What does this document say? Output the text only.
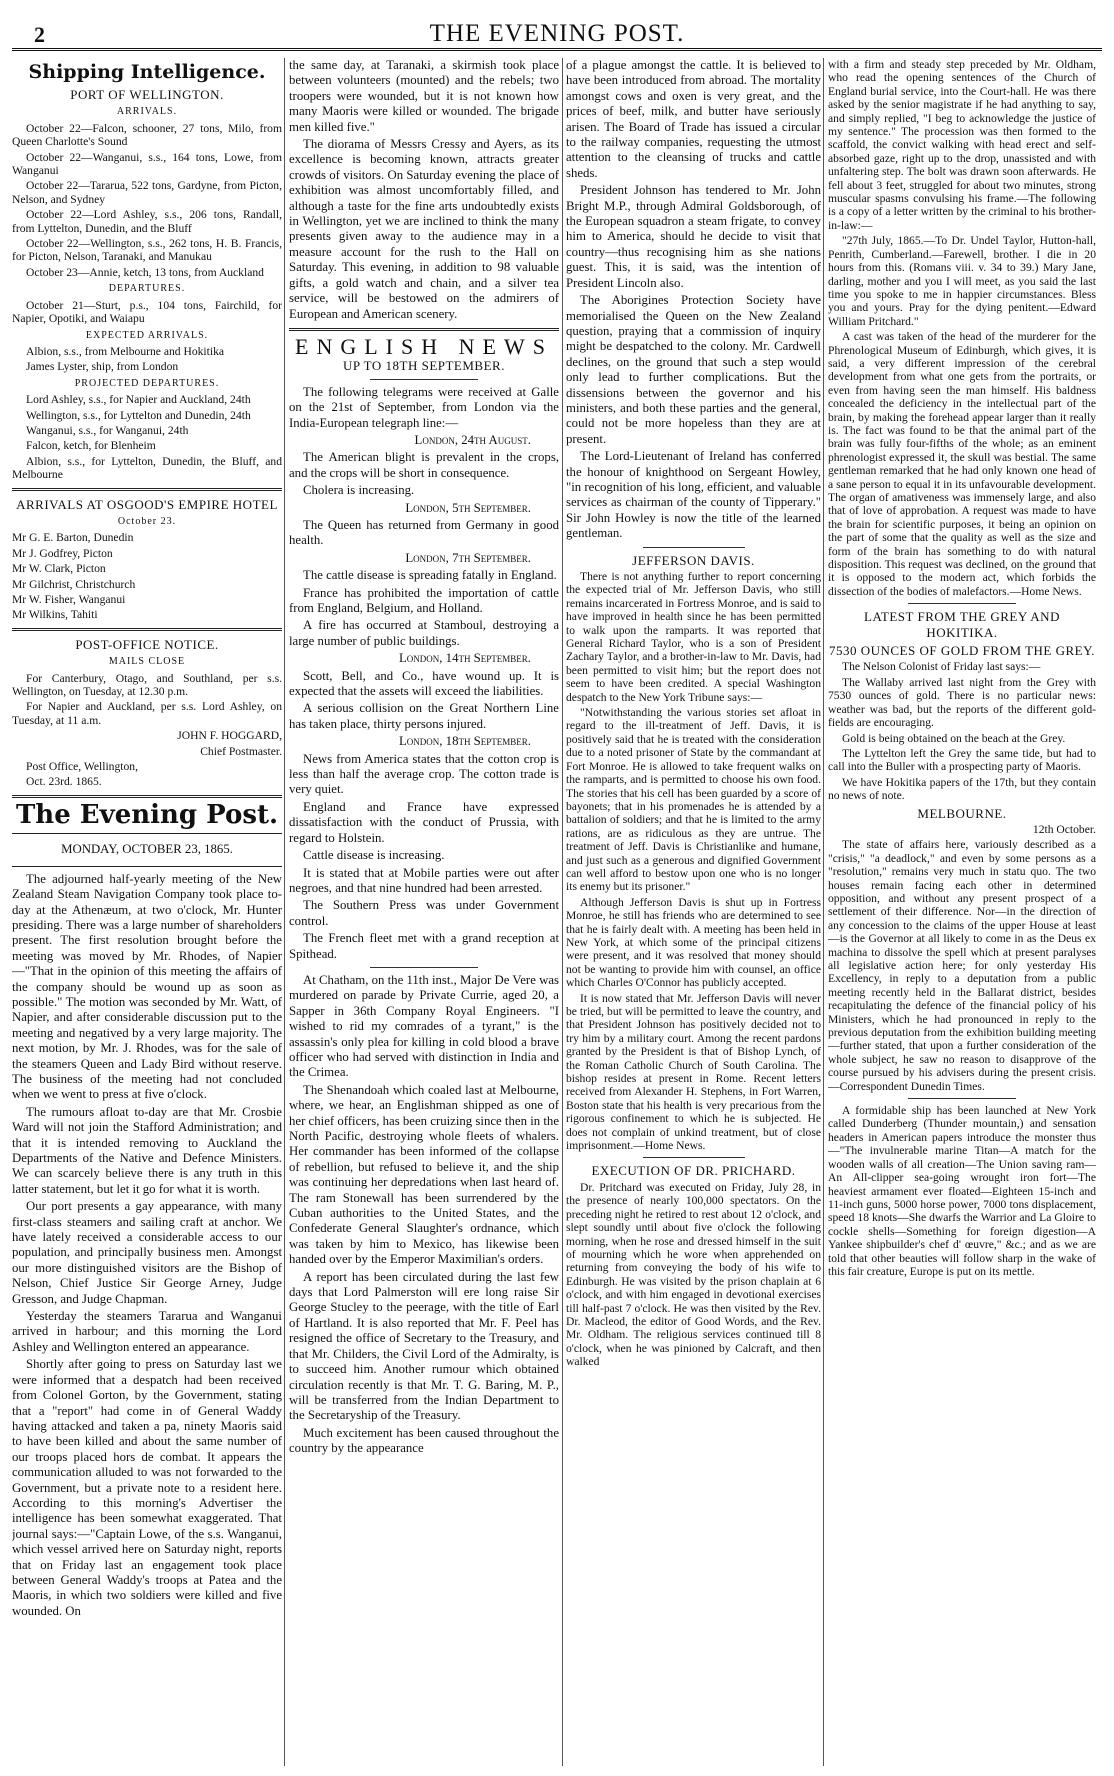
2	THE EVENING POST.
Shipping Intelligence.
PORT OF WELLINGTON.
ARRIVALS.

October 22—Falcon, schooner, 27 tons, Milo, from Queen Charlotte's Sound

October 22—Wanganui, s.s., 164 tons, Lowe, from Wanganui

October 22—Tararua, 522 tons, Gardyne, from Picton, Nelson, and Sydney

October 22—Lord Ashley, s.s., 206 tons, Randall, from Lyttelton, Dunedin, and the Bluff

October 22—Wellington, s.s., 262 tons, H. B. Francis, for Picton, Nelson, Taranaki, and Manukau

October 23—Annie, ketch, 13 tons, from Auckland

DEPARTURES.

October 21—Sturt, p.s., 104 tons, Fairchild, for Napier, Opotiki, and Waiapu

EXPECTED ARRIVALS.

Albion, s.s., from Melbourne and Hokitika

James Lyster, ship, from London

PROJECTED DEPARTURES.

Lord Ashley, s.s., for Napier and Auckland, 24th

Wellington, s.s., for Lyttelton and Dunedin, 24th

Wanganui, s.s., for Wanganui, 24th

Falcon, ketch, for Blenheim

Albion, s.s., for Lyttelton, Dunedin, the Bluff, and Melbourne

ARRIVALS AT OSGOOD'S EMPIRE HOTEL
October 23.

Mr G. E. Barton, Dunedin

Mr J. Godfrey, Picton

Mr W. Clark, Picton

Mr Gilchrist, Christchurch

Mr W. Fisher, Wanganui

Mr Wilkins, Tahiti

POST-OFFICE NOTICE.
MAILS CLOSE

For Canterbury, Otago, and Southland, per s.s. Wellington, on Tuesday, at 12.30 p.m.

For Napier and Auckland, per s.s. Lord Ashley, on Tuesday, at 11 a.m.

JOHN F. HOGGARD,

Chief Postmaster.

Post Office, Wellington,

Oct. 23rd. 1865.

The Evening Post.
MONDAY, OCTOBER 23, 1865.

The adjourned half-yearly meeting of the New Zealand Steam Navigation Company took place to-day at the Athenæum, at two o'clock, Mr. Hunter presiding. There was a large number of shareholders present. The first resolution brought before the meeting was moved by Mr. Rhodes, of Napier—"That in the opinion of this meeting the affairs of the company should be wound up as soon as possible." The motion was seconded by Mr. Watt, of Napier, and after considerable discussion put to the meeting and negatived by a very large majority. The next motion, by Mr. J. Rhodes, was for the sale of the steamers Queen and Lady Bird without reserve. The business of the meeting had not concluded when we went to press at five o'clock.

The rumours afloat to-day are that Mr. Crosbie Ward will not join the Stafford Administration; and that it is intended removing to Auckland the Departments of the Native and Defence Ministers. We can scarcely believe there is any truth in this latter statement, but let it go for what it is worth.

Our port presents a gay appearance, with many first-class steamers and sailing craft at anchor. We have lately received a considerable access to our population, and principally business men. Amongst our more distinguished visitors are the Bishop of Nelson, Chief Justice Sir George Arney, Judge Gresson, and Judge Chapman.

Yesterday the steamers Tararua and Wanganui arrived in harbour; and this morning the Lord Ashley and Wellington entered an appearance.

Shortly after going to press on Saturday last we were informed that a despatch had been received from Colonel Gorton, by the Government, stating that a "report" had come in of General Waddy having attacked and taken a pa, ninety Maoris said to have been killed and about the same number of our troops placed hors de combat. It appears the communication alluded to was not forwarded to the Government, but a private note to a resident here. According to this morning's Advertiser the intelligence has been somewhat exaggerated. That journal says:—"Captain Lowe, of the s.s. Wanganui, which vessel arrived here on Saturday night, reports that on Friday last an engagement took place between General Waddy's troops at Patea and the Maoris, in which two soldiers were killed and five wounded. On

the same day, at Taranaki, a skirmish took place between volunteers (mounted) and the rebels; two troopers were wounded, but it is not known how many Maoris were killed or wounded. The brigade men killed five."

The diorama of Messrs Cressy and Ayers, as its excellence is becoming known, attracts greater crowds of visitors. On Saturday evening the place of exhibition was almost uncomfortably filled, and although a taste for the fine arts undoubtedly exists in Wellington, yet we are inclined to think the many presents given away to the audience may in a measure account for the rush to the Hall on Saturday. This evening, in addition to 98 valuable gifts, a gold watch and chain, and a silver tea service, will be bestowed on the admirers of European and American scenery.

ENGLISH NEWS
UP TO 18TH SEPTEMBER.

The following telegrams were received at Galle on the 21st of September, from London via the India-European telegraph line:—

London, 24th August.

The American blight is prevalent in the crops, and the crops will be short in consequence.

Cholera is increasing.

London, 5th September.

The Queen has returned from Germany in good health.

London, 7th September.

The cattle disease is spreading fatally in England.

France has prohibited the importation of cattle from England, Belgium, and Holland.

A fire has occurred at Stamboul, destroying a large number of public buildings.

London, 14th September.

Scott, Bell, and Co., have wound up. It is expected that the assets will exceed the liabilities.

A serious collision on the Great Northern Line has taken place, thirty persons injured.

London, 18th September.

News from America states that the cotton crop is less than half the average crop. The cotton trade is very quiet.

England and France have expressed dissatisfaction with the conduct of Prussia, with regard to Holstein.

Cattle disease is increasing.

It is stated that at Mobile parties were out after negroes, and that nine hundred had been arrested.

The Southern Press was under Government control.

The French fleet met with a grand reception at Spithead.

At Chatham, on the 11th inst., Major De Vere was murdered on parade by Private Currie, aged 20, a Sapper in 36th Company Royal Engineers. "I wished to rid my comrades of a tyrant," is the assassin's only plea for killing in cold blood a brave officer who had served with distinction in India and the Crimea.

The Shenandoah which coaled last at Melbourne, where, we hear, an Englishman shipped as one of her chief officers, has been cruizing since then in the North Pacific, destroying whole fleets of whalers. Her commander has been informed of the collapse of rebellion, but refused to believe it, and the ship was continuing her depredations when last heard of. The ram Stonewall has been surrendered by the Cuban authorities to the United States, and the Confederate General Slaughter's ordnance, which was taken by him to Mexico, has likewise been handed over by the Emperor Maximilian's orders.

A report has been circulated during the last few days that Lord Palmerston will ere long raise Sir George Stucley to the peerage, with the title of Earl of Hartland. It is also reported that Mr. F. Peel has resigned the office of Secretary to the Treasury, and that Mr. Childers, the Civil Lord of the Admiralty, is to succeed him. Another rumour which obtained circulation recently is that Mr. T. G. Baring, M. P., will be transferred from the Indian Department to the Secretaryship of the Treasury.

Much excitement has been caused throughout the country by the appearance

of a plague amongst the cattle. It is believed to have been introduced from abroad. The mortality amongst cows and oxen is very great, and the prices of beef, milk, and butter have seriously arisen. The Board of Trade has issued a circular to the railway companies, requesting the utmost attention to the cleansing of trucks and cattle sheds.

President Johnson has tendered to Mr. John Bright M.P., through Admiral Goldsborough, of the European squadron a steam frigate, to convey him to America, should he decide to visit that country—thus recognising him as she nations guest. This, it is said, was the intention of President Lincoln also.

The Aborigines Protection Society have memorialised the Queen on the New Zealand question, praying that a commission of inquiry might be despatched to the colony. Mr. Cardwell declines, on the ground that such a step would only lead to further complications. But the dissensions between the governor and his ministers, and both these parties and the general, could not be more hopeless than they are at present.

The Lord-Lieutenant of Ireland has conferred the honour of knighthood on Sergeant Howley, "in recognition of his long, efficient, and valuable services as chairman of the county of Tipperary." Sir John Howley is now the title of the learned gentleman.

JEFFERSON DAVIS.

There is not anything further to report concerning the expected trial of Mr. Jefferson Davis, who still remains incarcerated in Fortress Monroe, and is said to have improved in health since he has been permitted to walk upon the ramparts. It was reported that General Richard Taylor, who is a son of President Zachary Taylor, and a brother-in-law to Mr. Davis, had been permitted to visit him; but the report does not seem to have been credited. A special Washington despatch to the New York Tribune says:—

"Notwithstanding the various stories set afloat in regard to the ill-treatment of Jeff. Davis, it is positively said that he is treated with the consideration due to a noted prisoner of State by the commandant at Fort Monroe. He is allowed to take frequent walks on the ramparts, and is permitted to choose his own food. The stories that his cell has been guarded by a score of bayonets; that in his promenades he is attended by a battalion of soldiers; and that he is limited to the army rations, are as ridiculous as they are untrue. The treatment of Jeff. Davis is Christianlike and humane, and just such as a generous and dignified Government can well afford to bestow upon one who is no longer its enemy but its prisoner."

Although Jefferson Davis is shut up in Fortress Monroe, he still has friends who are determined to see that he is fairly dealt with. A meeting has been held in New York, at which some of the principal citizens were present, and it was resolved that money should not be wanting to provide him with counsel, an office which Charles O'Connor has publicly accepted.

It is now stated that Mr. Jefferson Davis will never be tried, but will be permitted to leave the country, and that President Johnson has positively decided not to try him by a military court. Among the recent pardons granted by the President is that of Bishop Lynch, of the Roman Catholic Church of South Carolina. The bishop resides at present in Rome. Recent letters received from Alexander H. Stephens, in Fort Warren, Boston state that his health is very precarious from the rigorous confinement to which he is subjected. He does not complain of unkind treatment, but of close imprisonment.—Home News.

EXECUTION OF DR. PRICHARD.

Dr. Pritchard was executed on Friday, July 28, in the presence of nearly 100,000 spectators. On the preceding night he retired to rest about 12 o'clock, and slept soundly until about five o'clock the following morning, when he rose and dressed himself in the suit of mourning which he wore when apprehended on returning from conveying the body of his wife to Edinburgh. He was visited by the prison chaplain at 6 o'clock, and with him engaged in devotional exercises till half-past 7 o'clock. He was then visited by the Rev. Dr. Macleod, the editor of Good Words, and the Rev. Mr. Oldham. The religious services continued till 8 o'clock, when he was pinioned by Calcraft, and then walked

with a firm and steady step preceded by Mr. Oldham, who read the opening sentences of the Church of England burial service, into the Court-hall. He was there asked by the senior magistrate if he had anything to say, and simply replied, "I beg to acknowledge the justice of my sentence." The procession was then formed to the scaffold, the convict walking with head erect and self-absorbed gaze, right up to the drop, unassisted and with unfaltering step. The bolt was drawn soon afterwards. He fell about 3 feet, struggled for about two minutes, strong muscular spasms convulsing his frame.—The following is a copy of a letter written by the criminal to his brother-in-law:—

"27th July, 1865.—To Dr. Undel Taylor, Hutton-hall, Penrith, Cumberland.—Farewell, brother. I die in 20 hours from this. (Romans viii. v. 34 to 39.) Mary Jane, darling, mother and you I will meet, as you said the last time you spoke to me in happier circumstances. Bless you and yours. Pray for the dying penitent.—Edward William Pritchard."

A cast was taken of the head of the murderer for the Phrenological Museum of Edinburgh, which gives, it is said, a very different impression of the cerebral development from what one gets from the portraits, or even from having seen the man himself. His baldness concealed the deficiency in the intellectual part of the brain, by making the forehead appear larger than it really is. The fact was found to be that the animal part of the brain was fully four-fifths of the whole; as an eminent phrenologist expressed it, the skull was bestial. The same gentleman remarked that he had only known one head of a sane person to equal it in its unfavourable development. The organ of amativeness was immensely large, and also that of love of approbation. A request was made to have the brain for scientific purposes, it being an opinion on the part of some that the quality as well as the size and form of the brain has something to do with natural disposition. This request was declined, on the ground that it is opposed to the modern act, which forbids the dissection of the bodies of malefactors.—Home News.

LATEST FROM THE GREY AND HOKITIKA.
7530 OUNCES OF GOLD FROM THE GREY.

The Nelson Colonist of Friday last says:—

The Wallaby arrived last night from the Grey with 7530 ounces of gold. There is no particular news: weather was bad, but the reports of the different gold-fields are encouraging.

Gold is being obtained on the beach at the Grey.

The Lyttelton left the Grey the same tide, but had to call into the Buller with a prospecting party of Maoris.

We have Hokitika papers of the 17th, but they contain no news of note.

MELBOURNE.

12th October.

The state of affairs here, variously described as a "crisis," "a deadlock," and even by some persons as a "resolution," remains very much in statu quo. The two houses remain facing each other in determined opposition, and without any present prospect of a settlement of their difference. Nor—in the direction of any concession to the claims of the upper House at least—is the Governor at all likely to come in as the Deus ex machina to dissolve the spell which at present paralyses all legislative action here; for only yesterday His Excellency, in reply to a deputation from a public meeting recently held in the Ballarat district, besides recapitulating the defence of the financial policy of his Ministers, which he had pronounced in reply to the previous deputation from the exhibition building meeting—further stated, that upon a further consideration of the whole subject, he saw no reason to disapprove of the course pursued by his advisers during the present crisis.—Correspondent Dunedin Times.

A formidable ship has been launched at New York called Dunderberg (Thunder mountain,) and sensation headers in American papers introduce the monster thus—"The invulnerable marine Titan—A match for the wooden walls of all creation—The Union saving ram—An All-clipper sea-going wrought iron fort—The heaviest armament ever floated—Eighteen 15-inch and 11-inch guns, 5000 horse power, 7000 tons displacement, speed 18 knots—She dwarfs the Warrior and La Gloire to cockle shells—Something for foreign digestion—A Yankee shipbuilder's chef d' œuvre," &c.; and as we are told that other beauties will follow sharp in the wake of this fair creature, Europe is put on its mettle.
